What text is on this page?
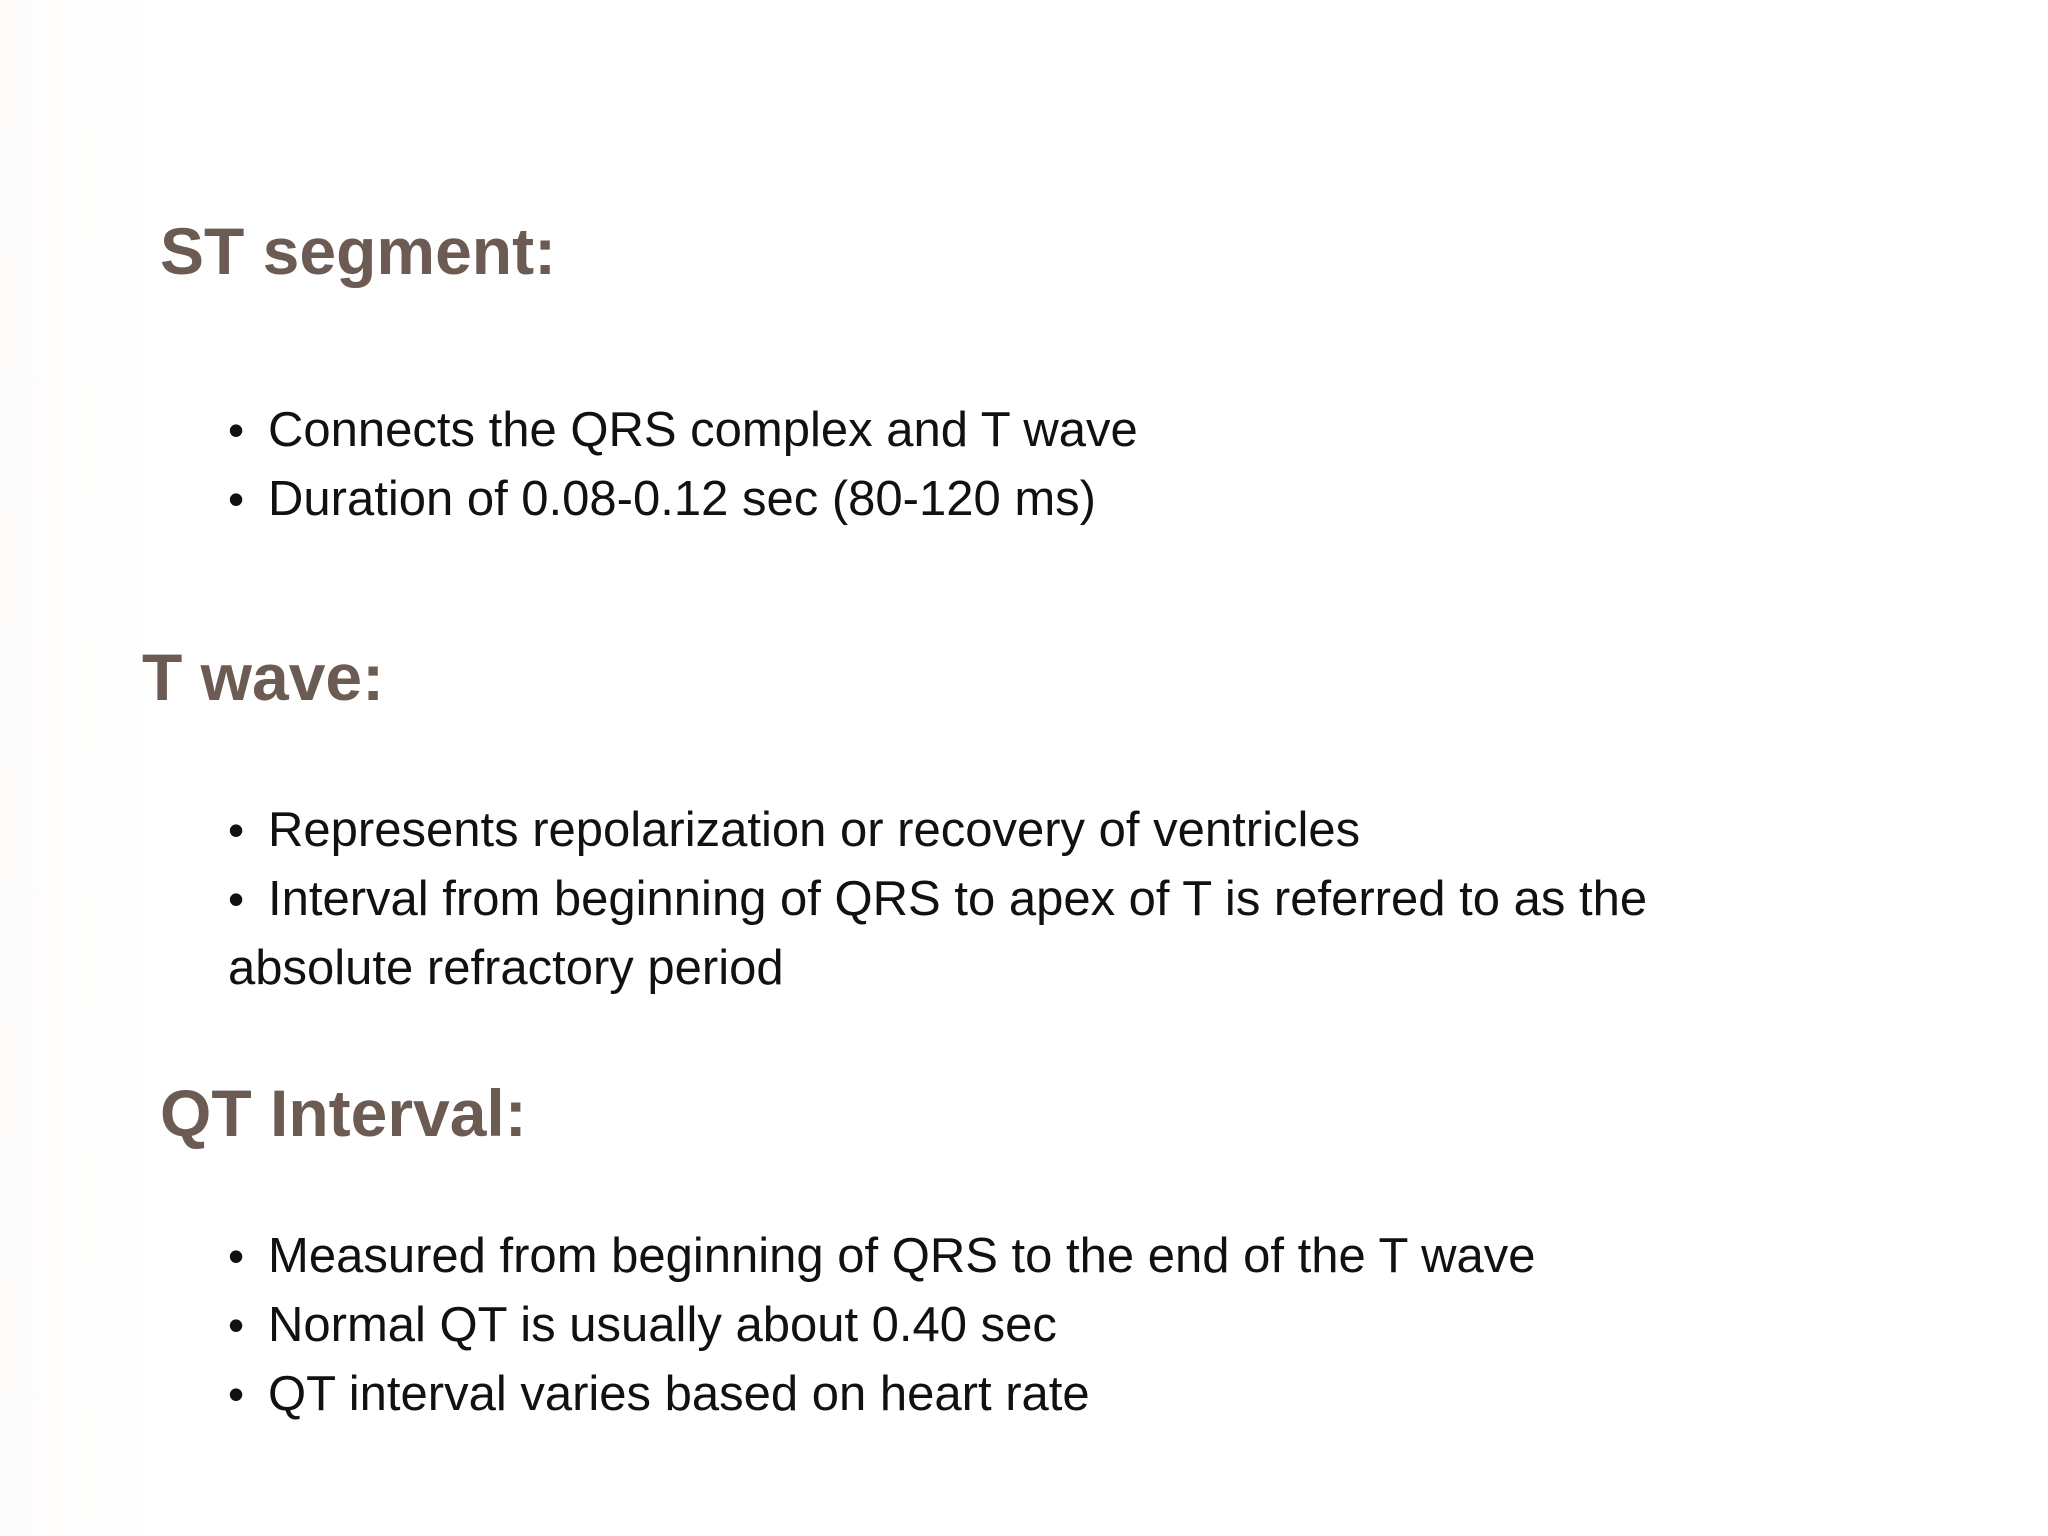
ST segment:
• Connects the QRS complex and T wave
• Duration of 0.08-0.12 sec (80-120 ms)
T wave:
• Represents repolarization or recovery of ventricles
• Interval from beginning of QRS to apex of T is referred to as the absolute refractory period
QT Interval:
• Measured from beginning of QRS to the end of the T wave
• Normal QT is usually about 0.40 sec
• QT interval varies based on heart rate
